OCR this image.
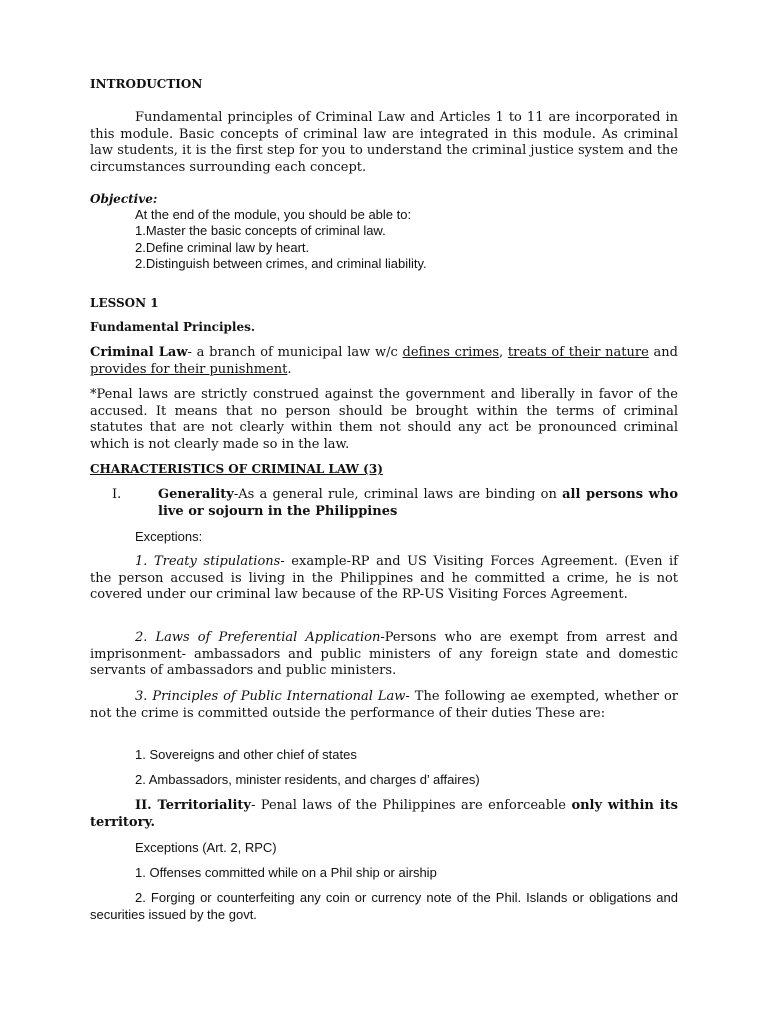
INTRODUCTION
Fundamental principles of Criminal Law and Articles 1 to 11 are incorporated in this module. Basic concepts of criminal law are integrated in this module. As criminal law students, it is the first step for you to understand the criminal justice system and the circumstances surrounding each concept.
Objective:
At the end of the module, you should be able to:
1.Master the basic concepts of criminal law.
2.Define criminal law by heart.
2.Distinguish between crimes, and criminal liability.
LESSON 1
Fundamental Principles.
Criminal Law- a branch of municipal law w/c defines crimes, treats of their nature and provides for their punishment.
*Penal laws are strictly construed against the government and liberally in favor of the accused. It means that no person should be brought within the terms of criminal statutes that are not clearly within them not should any act be pronounced criminal which is not clearly made so in the law.
CHARACTERISTICS OF CRIMINAL LAW (3)
I.	Generality-As a general rule, criminal laws are binding on all persons who live or sojourn in the Philippines
Exceptions:
1. Treaty stipulations- example-RP and US Visiting Forces Agreement. (Even if the person accused is living in the Philippines and he committed a crime, he is not covered under our criminal law because of the RP-US Visiting Forces Agreement.
2. Laws of Preferential Application-Persons who are exempt from arrest and imprisonment- ambassadors and public ministers of any foreign state and domestic servants of ambassadors and public ministers.
3. Principles of Public International Law- The following ae exempted, whether or not the crime is committed outside the performance of their duties These are:
1. Sovereigns and other chief of states
2. Ambassadors, minister residents, and charges d’ affaires)
II. Territoriality- Penal laws of the Philippines are enforceable only within its territory.
Exceptions (Art. 2, RPC)
1. Offenses committed while on a Phil ship or airship
2. Forging or counterfeiting any coin or currency note of the Phil. Islands or obligations and securities issued by the govt.
